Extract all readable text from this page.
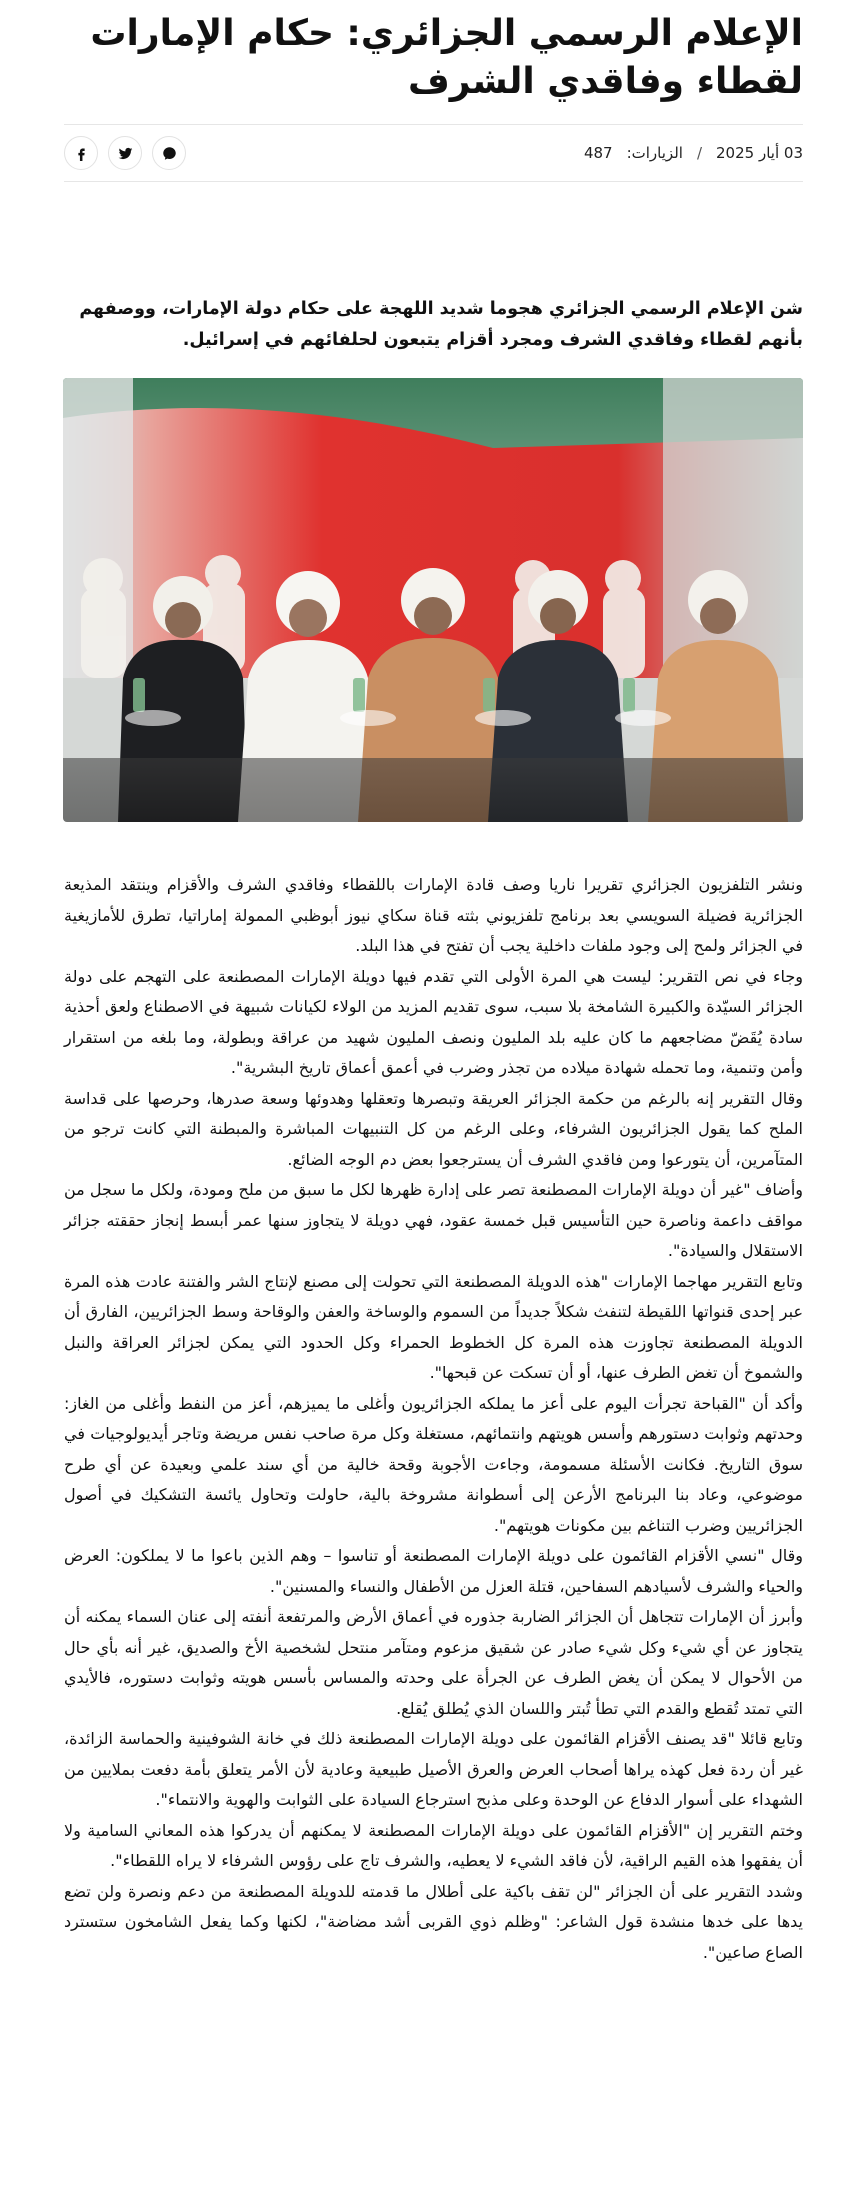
الإعلام الرسمي الجزائري: حكام الإمارات لقطاء وفاقدي الشرف
03 أيار 2025
/
الزيارات:
487

شن الإعلام الرسمي الجزائري هجوما شديد اللهجة على حكام دولة الإمارات، ووصفهم بأنهم لقطاء وفاقدي الشرف ومجرد أقزام يتبعون لحلفائهم في إسرائيل.

ونشر التلفزيون الجزائري تقريرا ناريا وصف قادة الإمارات باللقطاء وفاقدي الشرف والأقزام وينتقد المذيعة الجزائرية فضيلة السويسي بعد برنامج تلفزيوني بثته قناة سكاي نيوز أبوظبي الممولة إماراتيا، تطرق للأمازيغية في الجزائر ولمح إلى وجود ملفات داخلية يجب أن تفتح في هذا البلد.

وجاء في نص التقرير: ليست هي المرة الأولى التي تقدم فيها دويلة الإمارات المصطنعة على التهجم على دولة الجزائر السيّدة والكبيرة الشامخة بلا سبب، سوى تقديم المزيد من الولاء لكيانات شبيهة في الاصطناع ولعق أحذية سادة يُقَضّ مضاجعهم ما كان عليه بلد المليون ونصف المليون شهيد من عراقة وبطولة، وما بلغه من استقرار وأمن وتنمية، وما تحمله شهادة ميلاده من تجذر وضرب في أعمق أعماق تاريخ البشرية".

وقال التقرير إنه بالرغم من حكمة الجزائر العريقة وتبصرها وتعقلها وهدوئها وسعة صدرها، وحرصها على قداسة الملح كما يقول الجزائريون الشرفاء، وعلى الرغم من كل التنبيهات المباشرة والمبطنة التي كانت ترجو من المتآمرين، أن يتورعوا ومن فاقدي الشرف أن يسترجعوا بعض دم الوجه الضائع.

وأضاف "غير أن دويلة الإمارات المصطنعة تصر على إدارة ظهرها لكل ما سبق من ملح ومودة، ولكل ما سجل من مواقف داعمة وناصرة حين التأسيس قبل خمسة عقود، فهي دويلة لا يتجاوز سنها عمر أبسط إنجاز حققته جزائر الاستقلال والسيادة".

وتابع التقرير مهاجما الإمارات "هذه الدويلة المصطنعة التي تحولت إلى مصنع لإنتاج الشر والفتنة عادت هذه المرة عبر إحدى قنواتها اللقيطة لتنفث شكلاً جديداً من السموم والوساخة والعفن والوقاحة وسط الجزائريين، الفارق أن الدويلة المصطنعة تجاوزت هذه المرة كل الخطوط الحمراء وكل الحدود التي يمكن لجزائر العراقة والنبل والشموخ أن تغض الطرف عنها، أو أن تسكت عن قبحها".

وأكد أن "القباحة تجرأت اليوم على أعز ما يملكه الجزائريون وأغلى ما يميزهم، أعز من النفط وأغلى من الغاز: وحدتهم وثوابت دستورهم وأسس هويتهم وانتمائهم، مستغلة وكل مرة صاحب نفس مريضة وتاجر أيديولوجيات في سوق التاريخ. فكانت الأسئلة مسمومة، وجاءت الأجوبة وقحة خالية من أي سند علمي وبعيدة عن أي طرح موضوعي، وعاد بنا البرنامج الأرعن إلى أسطوانة مشروخة بالية، حاولت وتحاول يائسة التشكيك في أصول الجزائريين وضرب التناغم بين مكونات هويتهم".

وقال "نسي الأقزام القائمون على دويلة الإمارات المصطنعة أو تناسوا – وهم الذين باعوا ما لا يملكون: العرض والحياء والشرف لأسيادهم السفاحين، قتلة العزل من الأطفال والنساء والمسنين".

وأبرز أن الإمارات تتجاهل أن الجزائر الضاربة جذوره في أعماق الأرض والمرتفعة أنفته إلى عنان السماء يمكنه أن يتجاوز عن أي شيء وكل شيء صادر عن شقيق مزعوم ومتآمر منتحل لشخصية الأخ والصديق، غير أنه بأي حال من الأحوال لا يمكن أن يغض الطرف عن الجرأة على وحدته والمساس بأسس هويته وثوابت دستوره، فالأيدي التي تمتد تُقطع والقدم التي تطأ تُبتر واللسان الذي يُطلق يُقلع.

وتابع قائلا "قد يصنف الأقزام القائمون على دويلة الإمارات المصطنعة ذلك في خانة الشوفينية والحماسة الزائدة، غير أن ردة فعل كهذه يراها أصحاب العرض والعرق الأصيل طبيعية وعادية لأن الأمر يتعلق بأمة دفعت بملايين من الشهداء على أسوار الدفاع عن الوحدة وعلى مذبح استرجاع السيادة على الثوابت والهوية والانتماء".

وختم التقرير إن "الأقزام القائمون على دويلة الإمارات المصطنعة لا يمكنهم أن يدركوا هذه المعاني السامية ولا أن يفقهوا هذه القيم الراقية، لأن فاقد الشيء لا يعطيه، والشرف تاج على رؤوس الشرفاء لا يراه اللقطاء".

وشدد التقرير على أن الجزائر "لن تقف باكية على أطلال ما قدمته للدويلة المصطنعة من دعم ونصرة ولن تضع يدها على خدها منشدة قول الشاعر: "وظلم ذوي القربى أشد مضاضة"، لكنها وكما يفعل الشامخون ستسترد الصاع صاعين".
